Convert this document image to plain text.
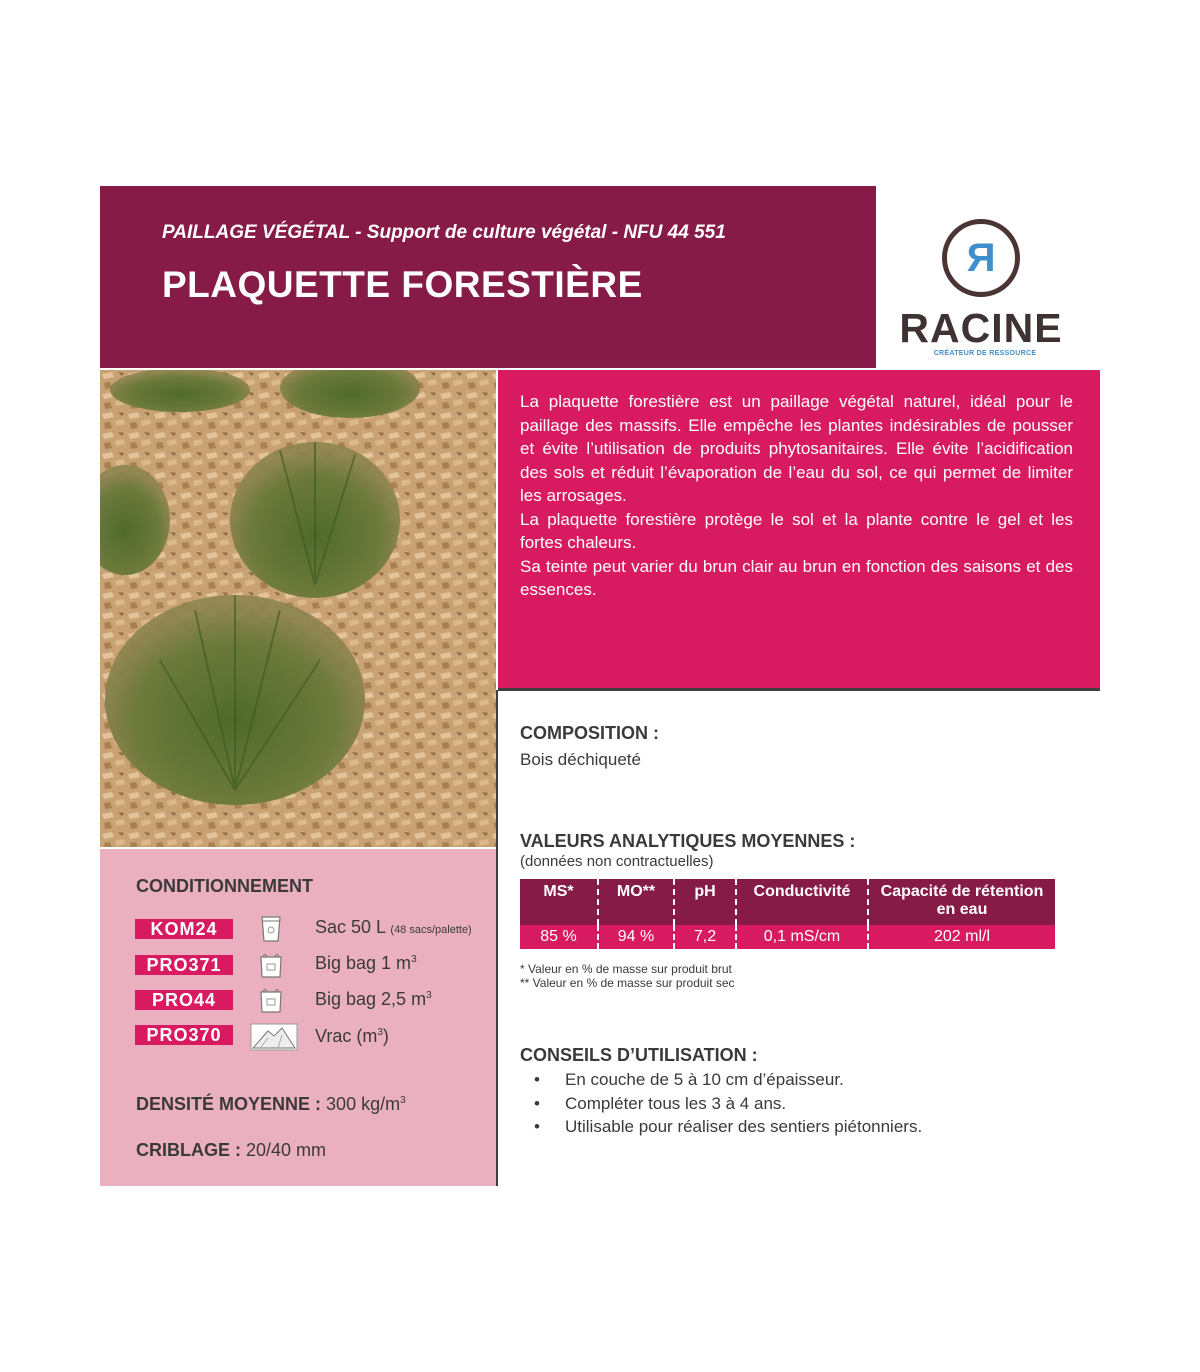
PAILLAGE VÉGÉTAL - Support de culture végétal - NFU 44 551
PLAQUETTE FORESTIÈRE
R
RACINE
CRÉATEUR DE RESSOURCE

La plaquette forestière est un paillage végétal naturel, idéal pour le paillage des massifs. Elle empêche les plantes indésirables de pousser et évite l’utilisation de produits phytosanitaires. Elle évite l’acidification des sols et réduit l’évaporation de l’eau du sol, ce qui permet de limiter les arrosages.

La plaquette forestière protège le sol et la plante contre le gel et les fortes chaleurs.

Sa teinte peut varier du brun clair au brun en fonction des saisons et des essences.

COMPOSITION :
Bois déchiqueté
VALEURS ANALYTIQUES MOYENNES :
(données non contractuelles)
MS*	MO**	pH	Conductivité	Capacité de rétention en eau
85 %	94 %	7,2	0,1 mS/cm	202 ml/l
* Valeur en % de masse sur produit brut
** Valeur en % de masse sur produit sec
CONSEILS D’UTILISATION :
• En couche de 5 à 10 cm d’épaisseur.
• Compléter tous les 3 à 4 ans.
• Utilisable pour réaliser des sentiers piétonniers.
CONDITIONNEMENT
KOM24	Sac 50 L (48 sacs/palette)
PRO371	Big bag 1 $m^3$
PRO44	Big bag 2,5 $m^3$
PRO370	Vrac $(m^3)$
DENSITÉ MOYENNE : 300 $kg/m^3$
CRIBLAGE : 20/40 mm
